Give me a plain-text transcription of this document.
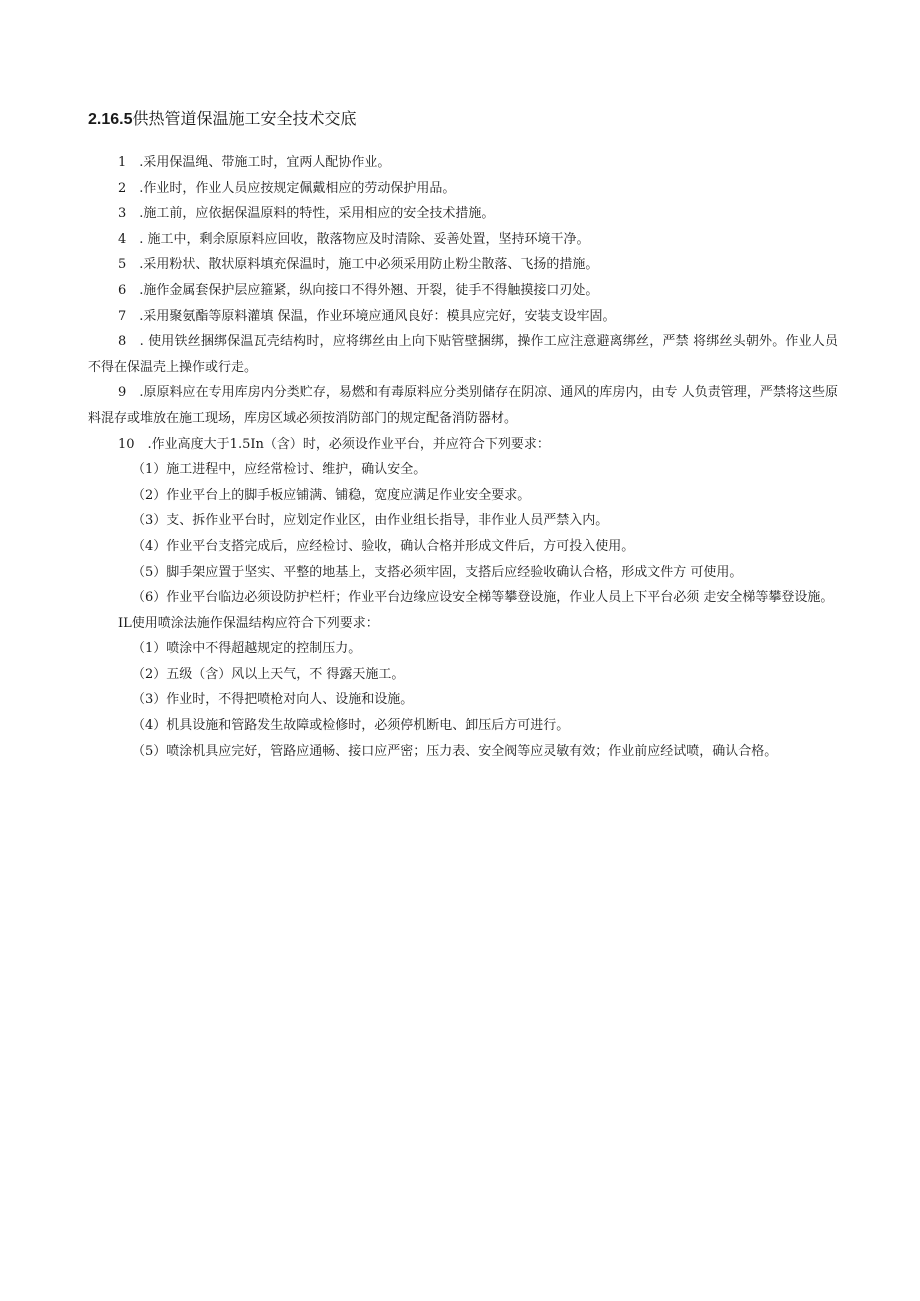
2.16.5供热管道保温施工安全技术交底

1　.采用保温绳、带施工时，宜两人配协作业。

2　.作业时，作业人员应按规定佩戴相应的劳动保护用品。

3　.施工前，应依据保温原料的特性，采用相应的安全技术措施。

4　. 施工中，剩余原原料应回收，散落物应及时清除、妥善处置，坚持环境干净。

5　.采用粉状、散状原料填充保温时，施工中必须采用防止粉尘散落、飞扬的措施。

6　.施作金属套保护层应箍紧，纵向接口不得外翘、开裂，徒手不得触摸接口刃处。

7　.采用聚氨酯等原料灌填 保温，作业环境应通风良好：模具应完好，安装支设牢固。

8　. 使用铁丝捆绑保温瓦壳结构时，应将绑丝由上向下贴管壁捆绑，操作工应注意避离绑丝，严禁 将绑丝头朝外。作业人员不得在保温壳上操作或行走。

9　.原原料应在专用库房内分类贮存，易燃和有毒原料应分类别储存在阴凉、通风的库房内，由专 人负责管理，严禁将这些原料混存或堆放在施工现场，库房区域必须按消防部门的规定配备消防器材。

10　.作业高度大于1.5In（含）时，必须设作业平台，并应符合下列要求：

（1）施工进程中，应经常检讨、维护，确认安全。

（2）作业平台上的脚手板应铺满、铺稳，宽度应满足作业安全要求。

（3）支、拆作业平台时，应划定作业区，由作业组长指导，非作业人员严禁入内。

（4）作业平台支搭完成后，应经检讨、验收，确认合格并形成文件后，方可投入使用。

（5）脚手架应置于坚实、平整的地基上，支搭必须牢固，支搭后应经验收确认合格，形成文件方 可使用。

（6）作业平台临边必须设防护栏杆；作业平台边缘应设安全梯等攀登设施，作业人员上下平台必须 走安全梯等攀登设施。

IL使用喷涂法施作保温结构应符合下列要求：

（1）喷涂中不得超越规定的控制压力。

（2）五级（含）风以上天气，不 得露天施工。

（3）作业时，不得把喷枪对向人、设施和设施。

（4）机具设施和管路发生故障或检修时，必须停机断电、卸压后方可进行。

（5）喷涂机具应完好，管路应通畅、接口应严密；压力表、安全阀等应灵敏有效；作业前应经试喷，确认合格。
